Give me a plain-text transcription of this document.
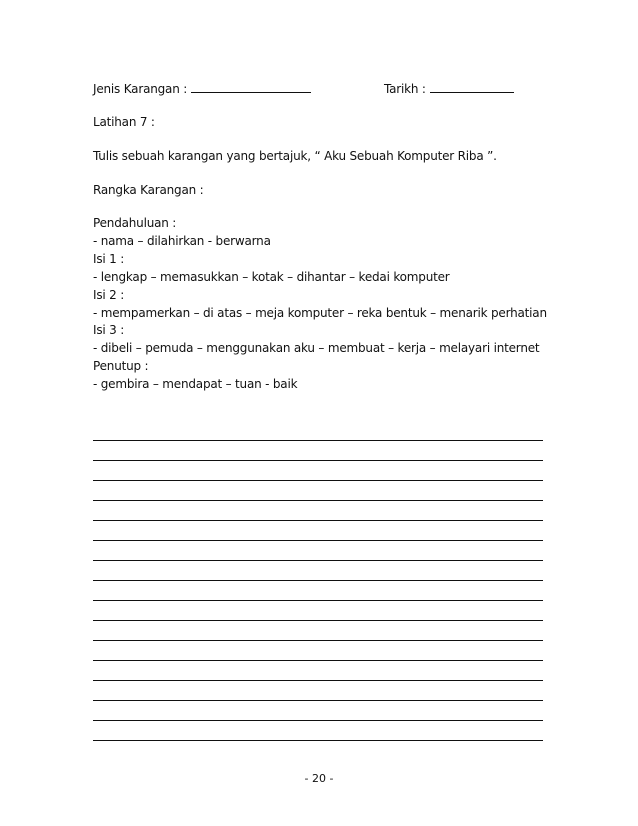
Jenis Karangan :	Tarikh :
Latihan 7 :
Tulis sebuah karangan yang bertajuk, “ Aku Sebuah Komputer Riba ”.
Rangka Karangan :
Pendahuluan :
- nama – dilahirkan - berwarna
Isi 1 :
- lengkap – memasukkan – kotak – dihantar – kedai komputer
Isi 2 :
- mempamerkan – di atas – meja komputer – reka bentuk – menarik perhatian
Isi 3 :
- dibeli – pemuda – menggunakan aku – membuat – kerja – melayari internet
Penutup :
- gembira – mendapat – tuan - baik
- 20 -
